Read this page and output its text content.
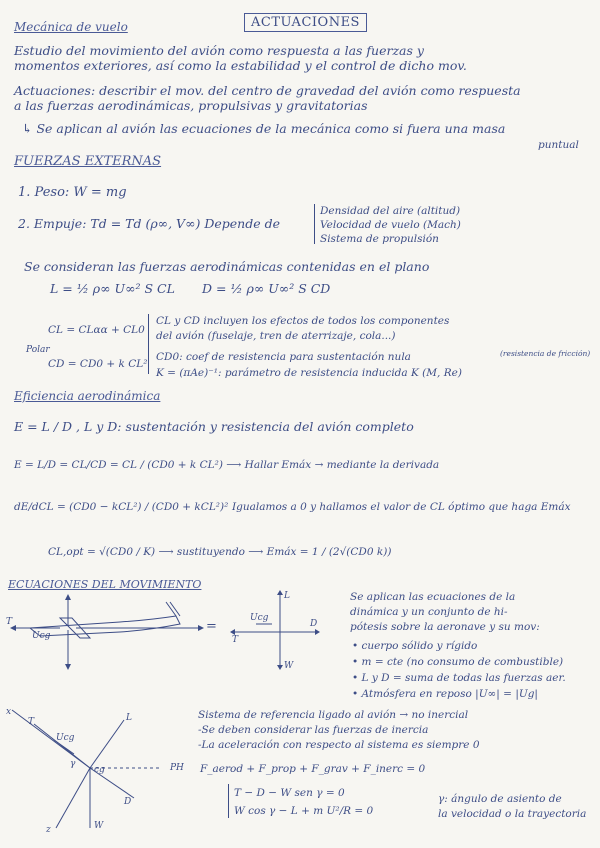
Mecánica de vuelo	ACTUACIONES
Estudio del movimiento del avión como respuesta a las fuerzas y
momentos exteriores, así como la estabilidad y el control de dicho mov.
Actuaciones: describir el mov. del centro de gravedad del avión como respuesta
a las fuerzas aerodinámicas, propulsivas y gravitatorias
↳ Se aplican al avión las ecuaciones de la mecánica como si fuera una masa
puntual
FUERZAS EXTERNAS
1. Peso: W = mg
2. Empuje: Td = Td (ρ∞, V∞) Depende de
Densidad del aire (altitud)
Velocidad de vuelo (Mach)
Sistema de propulsión
Se consideran las fuerzas aerodinámicas contenidas en el plano
L = ½ ρ∞ U∞² S CL D = ½ ρ∞ U∞² S CD
CL = CLαα + CL0
Polar
CD = CD0 + k CL²
CL y CD incluyen los efectos de todos los componentes
del avión (fuselaje, tren de aterrizaje, cola...)
CD0: coef de resistencia para sustentación nula	(resistencia de fricción)
K = (πAe)⁻¹: parámetro de resistencia inducida K (M, Re)
Eficiencia aerodinámica
E = L / D , L y D: sustentación y resistencia del avión completo
E = L/D = CL/CD = CL / (CD0 + k CL²) ⟶ Hallar Emáx → mediante la derivada
dE/dCL = (CD0 − kCL²) / (CD0 + kCL²)² Igualamos a 0 y hallamos el valor de CL óptimo que haga Emáx
CL,opt = √(CD0 / K) ⟶ sustituyendo ⟶ Emáx = 1 / (2√(CD0 k))
ECUACIONES DEL MOVIMIENTO
T
Ucg
=
L
W
T
D
Ucg
Se aplican las ecuaciones de la
dinámica y un conjunto de hi-
pótesis sobre la aeronave y su mov:
• cuerpo sólido y rígido
• m = cte (no consumo de combustible)
• L y D = suma de todas las fuerzas aer.
• Atmósfera en reposo |U∞| = |Ug|
x
z
T	L
D
W
Ucg
γ
cg	PH
Sistema de referencia ligado al avión → no inercial
-Se deben considerar las fuerzas de inercia
-La aceleración con respecto al sistema es siempre 0
F_aerod + F_prop + F_grav + F_inerc = 0
T − D − W sen γ = 0
W cos γ − L + m U²/R = 0
γ: ángulo de asiento de
la velocidad o la trayectoria
